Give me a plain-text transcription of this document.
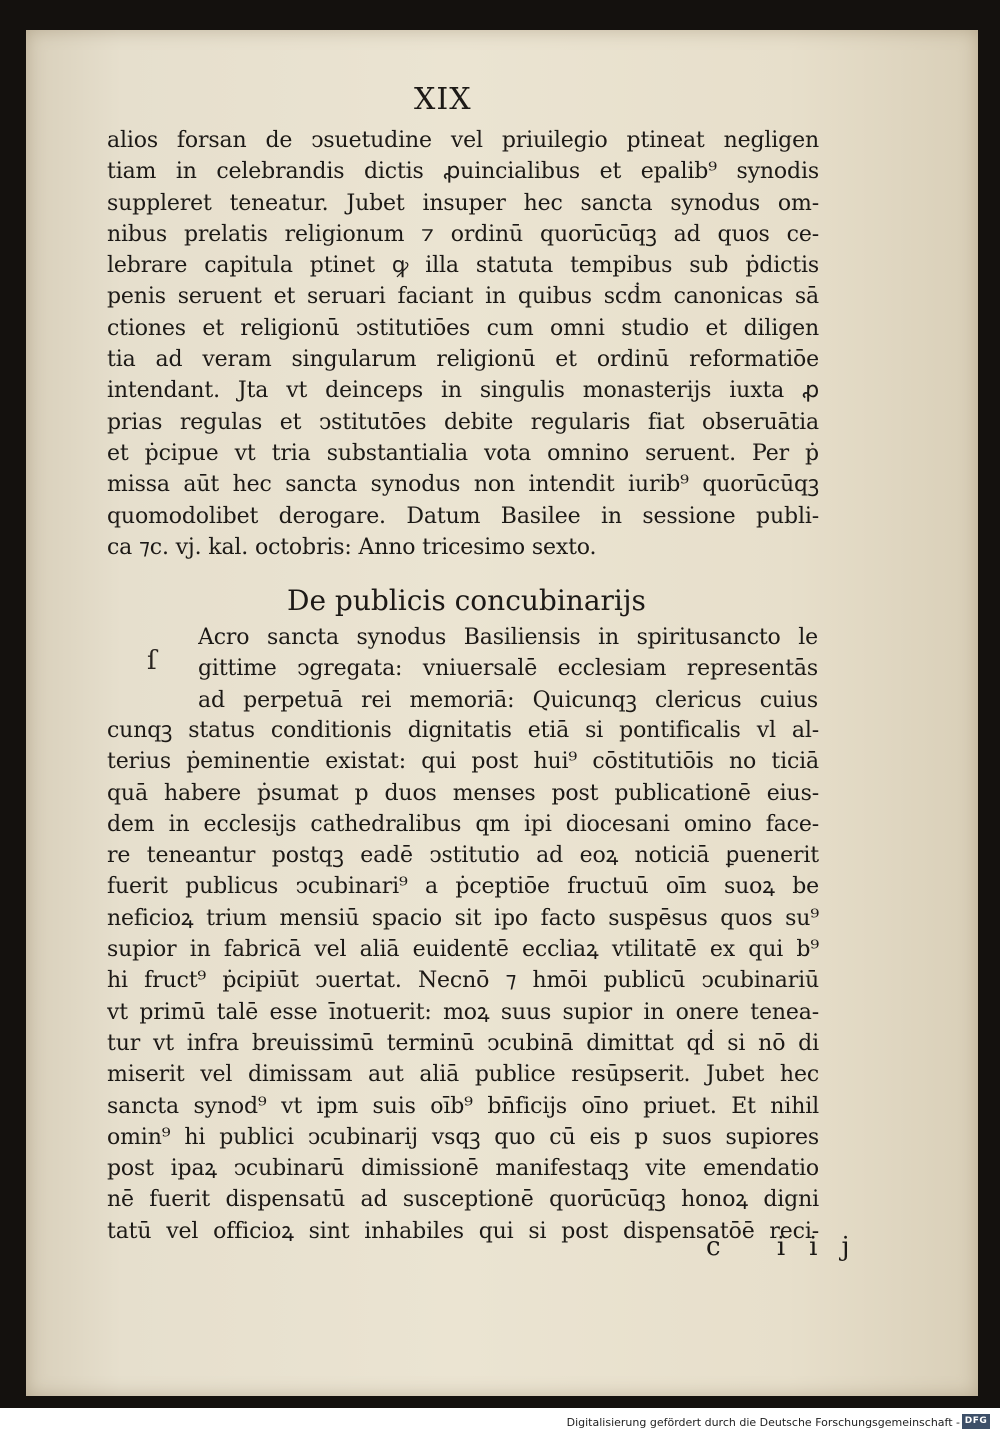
XIX
alios forsan de ↄsuetudine vel priuilegio ptineat negligen
tiam in celebrandis dictis ꝓuincialibus et epalib⁹ synodis
suppleret teneatur. Jubet insuper hec sancta synodus om-
nibus prelatis religionum ⁊ ordinū quorūcūqꝫ ad quos ce-
lebrare capitula ptinet ꝙ illa statuta tempibus sub ṗdictis
penis seruent et seruari faciant in quibus scḋm canonicas sā
ctiones et religionū ↄstitutiōes cum omni studio et diligen
tia ad veram singularum religionū et ordinū reformatiōe
intendant. Jta vt deinceps in singulis monasterijs iuxta ꝓ
prias regulas et ↄstitutōes debite regularis fiat obseruātia
et ṗcipue vt tria substantialia vota omnino seruent. Per ṗ
missa aūt hec sancta synodus non intendit iurib⁹ quorūcūqꝫ
quomodolibet derogare. Datum Basilee in sessione publi-
ca ⁊c. vj. kal. octobris: Anno tricesimo sexto.
De publicis concubinarijs
ſ
Acro sancta synodus Basiliensis in spiritusancto le
gittime ↄgregata: vniuersalē ecclesiam representās
ad perpetuā rei memoriā: Quicunqꝫ clericus cuius
cunqꝫ status conditionis dignitatis etiā si pontificalis vl al-
terius ṗeminentie existat: qui post hui⁹ cōstitutiōis no ticiā
quā habere ṗsumat p duos menses post publicationē eius-
dem in ecclesijs cathedralibus qm ipi diocesani omino face-
re teneantur postqꝫ eadē ↄstitutio ad eoꝝ noticiā ꝑuenerit
fuerit publicus ↄcubinari⁹ a ṗceptiōe fructuū oīm suoꝝ be
neficioꝝ trium mensiū spacio sit ipo facto suspēsus quos su⁹
supior in fabricā vel aliā euidentē eccliaꝝ vtilitatē ex qui b⁹
hi fruct⁹ ṗcipiūt ↄuertat. Necnō ⁊ hmōi publicū ↄcubinariū
vt primū talē esse īnotuerit: moꝝ suus supior in onere tenea-
tur vt infra breuissimū terminū ↄcubinā dimittat qḋ si nō di
miserit vel dimissam aut aliā publice resūpserit. Jubet hec
sancta synod⁹ vt ipm suis oīb⁹ bn̄ficijs oīno priuet. Et nihil
omin⁹ hi publici ↄcubinarij vsqꝫ quo cū eis p suos supiores
post ipaꝝ ↄcubinarū dimissionē manifestaqꝫ vite emendatio
nē fuerit dispensatū ad susceptionē quorūcūqꝫ honoꝝ digni
tatū vel officioꝝ sint inhabiles qui si post dispensatōē reci-
c iij
Digitalisierung gefördert durch die Deutsche Forschungsgemeinschaft - DFG
